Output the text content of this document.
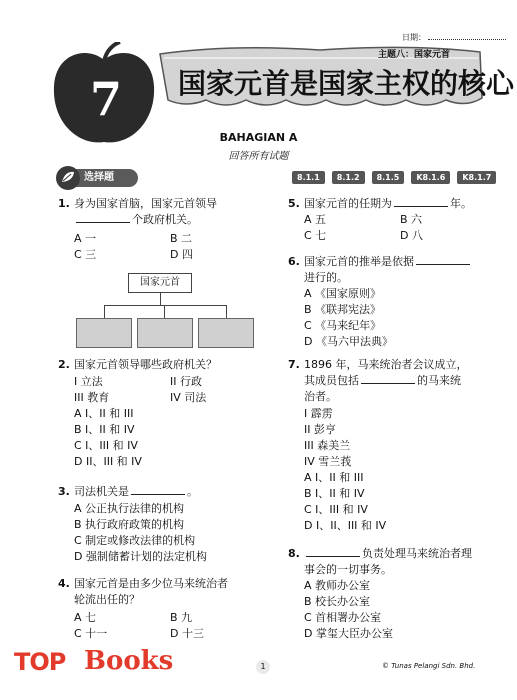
日期：
主题八：国家元首
国家元首是国家主权的核心
7
BAHAGIAN A
回答所有试题
选择题	8.1.1	8.1.2	8.1.5	K8.1.6	K8.1.7
1. 身为国家首脑，国家元首领导
个政府机关。
A 一	B 二
C 三	D 四
国家元首
2. 国家元首领导哪些政府机关？
I 立法	II 行政
III 教育	IV 司法
A I、II 和 III
B I、II 和 IV
C I、III 和 IV
D II、III 和 IV
3. 司法机关是	。
A 公正执行法律的机构
B 执行政府政策的机构
C 制定或修改法律的机构
D 强制储蓄计划的法定机构
4. 国家元首是由多少位马来统治者
轮流出任的？
A 七	B 九
C 十一	D 十三
5. 国家元首的任期为	年。
A 五	B 六
C 七	D 八
6. 国家元首的推举是依据
进行的。
A 《国家原则》
B 《联邦宪法》
C 《马来纪年》
D 《马六甲法典》
7. 1896 年，马来统治者会议成立，
其成员包括	的马来统
治者。
I 霹雳
II 彭亨
III 森美兰
IV 雪兰莪
A I、II 和 III
B I、II 和 IV
C I、III 和 IV
D I、II、III 和 IV
8.	负责处理马来统治者理
事会的一切事务。
A 教师办公室
B 校长办公室
C 首相署办公室
D 掌玺大臣办公室
TOP Books	1	© Tunas Pelangi Sdn. Bhd.
